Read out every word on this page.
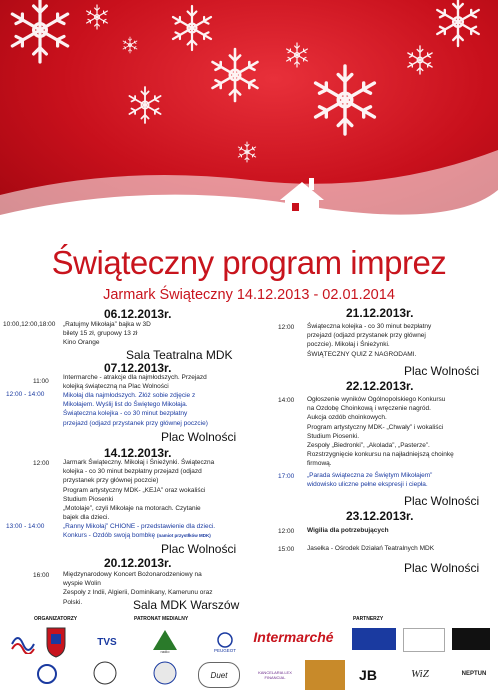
Świąteczny program imprez
Jarmark Świąteczny 14.12.2013 - 02.01.2014
06.12.2013r.
10:00,12:00,18:00 „Ratujmy Mikołaja” bajka w 3D
bilety 15 zł, grupowy 13 zł
Kino Orange
Sala Teatralna MDK
07.12.2013r.
11:00
Intermarche - atrakcje dla najmłodszych. Przejazd
kolejką świąteczną na Plac Wolności
12:00 - 14:00	Mikołaj dla najmłodszych. Złóż sobie zdjęcie z
Mikołajem. Wyślij list do Świętego Mikołaja.
Świąteczna kolejka - co 30 minut bezpłatny
przejazd (odjazd przystanek przy głównej poczcie)
Plac Wolności
14.12.2013r.
12:00 Jarmark Świąteczny. Mikołaj i Śnieżynki. Świąteczna
kolejka - co 30 minut bezpłatny przejazd (odjazd
przystanek przy głównej poczcie)
Program artystyczny MDK- „KEJA” oraz wokaliści
Studium Piosenki
„Motolaje”, czyli Mikołaje na motorach. Czytanie
bajek dla dzieci.
13:00 - 14:00	„Ranny Mikołaj” CHIONE - przedstawienie dla dzieci.
Konkurs - Ozdób swoją bombkę (namiot przystłków MDK)
Plac Wolności
20.12.2013r.
16:00 Międzynarodowy Koncert Bożonarodzeniowy na
wyspie Wolin
Zespoły z Indii, Algierii, Dominikany, Kamerunu oraz
Polski.	Sala MDK Warszów
21.12.2013r.
12:00 Świąteczna kolejka - co 30 minut bezpłatny
przejazd (odjazd przystanek przy głównej
poczcie). Mikołaj i Śnieżynki.
ŚWIĄTECZNY QUIZ Z NAGRODAMI.
Plac Wolności
22.12.2013r.
14:00 Ogłoszenie wyników Ogólnopolskiego Konkursu
na Ozdobę Choinkową i wręczenie nagród.
Aukcja ozdób choinkowych.
Program artystyczny MDK- „Chwały” i wokaliści
Studium Piosenki.
Zespoły „Biedronki”, „Akolada”, „Pasterze”.
Rozstrzygnięcie konkursu na najładniejszą choinkę
firmową.
17:00 „Parada świąteczna ze Świętym Mikołajem”
widowisko uliczne pełne ekspresji i ciepła.
Plac Wolności
23.12.2013r.
12:00 Wigilia dla potrzebujących
15:00 Jasełka - Ośrodek Działań Teatralnych MDK
Plac Wolności
ORGANIZATORZY	PATRONAT MEDIALNY	PARTNERZY
TVS
radio	PEUGEOT
Intermarché
Duet	KANCELARIA LEX FINANCIAL	JB	WiZ	NEPTUN
